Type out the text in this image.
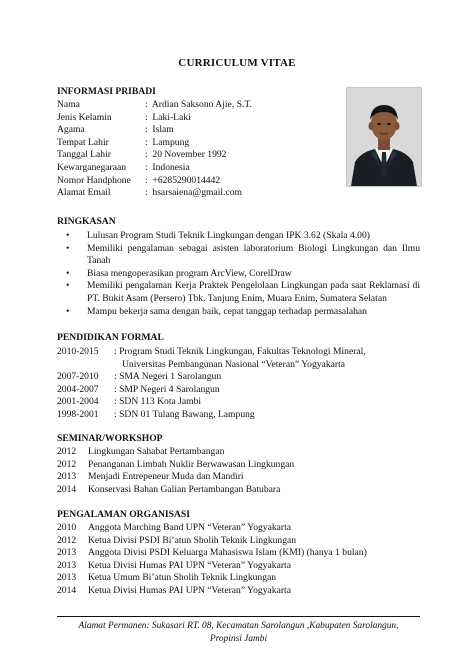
CURRICULUM VITAE
INFORMASI PRIBADI
Nama	: Ardian Saksono Ajie, S.T.
Jenis Kelamin	: Laki-Laki
Agama	: Islam
Tempat Lahir	: Lampung
Tanggal Lahir	: 20 November 1992
Kewarganegaraan : Indonesia
Nomor Handphone : +6285290014442
Alamat Email	: hsarsaiena@gmail.com
RINGKASAN
• Lulusan Program Studi Teknik Lingkungan dengan IPK 3.62 (Skala 4.00)
• Memiliki pengalaman sebagai asisten laboratorium Biologi Lingkungan dan Ilmu Tanah
• Biasa mengoperasikan program ArcView, CorelDraw
• Memiliki pengalaman Kerja Praktek Pengelolaan Lingkungan pada saat Reklamasi di PT. Bukit Asam (Persero) Tbk. Tanjung Enim, Muara Enim, Sumatera Selatan
• Mampu bekerja sama dengan baik, cepat tanggap terhadap permasalahan
PENDIDIKAN FORMAL
2010-2015	: Program Studi Teknik Lingkungan, Fakultas Teknologi Mineral,
Universitas Pembangunan Nasional “Veteran” Yogyakarta
2007-2010	: SMA Negeri 1 Sarolangun
2004-2007	: SMP Negeri 4 Sarolangun
2001-2004	: SDN 113 Kota Jambi
1998-2001	: SDN 01 Tulang Bawang, Lampung
SEMINAR/WORKSHOP
2012	Lingkungan Sahabat Pertambangan
2012	Penanganan Limbah Nuklir Berwawasan Lingkungan
2013	Menjadi Entrepeneur Muda dan Mandiri
2014	Konservasi Bahan Galian Pertambangan Batubara
PENGALAMAN ORGANISASI
2010	Anggota Marching Band UPN “Veteran” Yogyakarta
2012	Ketua Divisi PSDI Bi’atun Sholih Teknik Lingkungan
2013	Anggota Divisi PSDI Keluarga Mahasiswa Islam (KMI) (hanya 1 bulan)
2013	Ketua Divisi Humas PAI UPN “Veteran” Yogyakarta
2013	Ketua Umum Bi’atun Sholih Teknik Lingkungan
2014	Ketua Divisi Humas PAI UPN “Veteran” Yogyakarta
Alamat Permanen: Sukasari RT. 08, Kecamatan Sarolangun ,Kabupaten Sarolangun,
Propinsi Jambi
